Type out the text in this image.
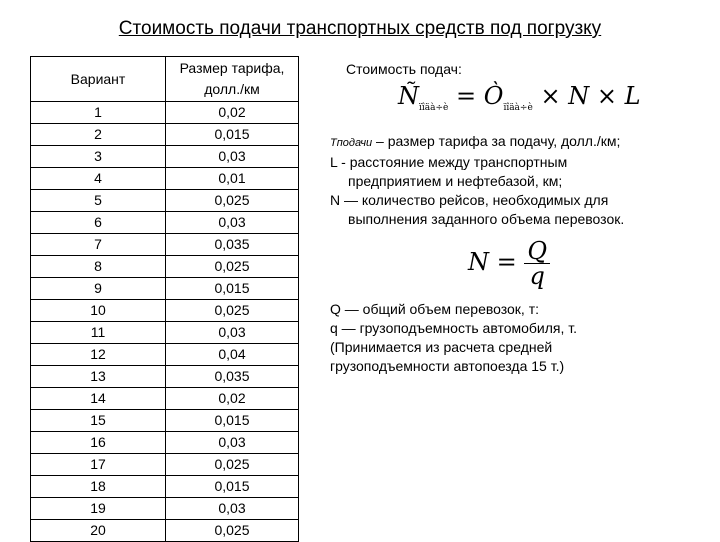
Стоимость подачи транспортных средств под погрузку
Вариант	Размер тарифа, долл./км
1	0,02
2	0,015
3	0,03
4	0,01
5	0,025
6	0,03
7	0,035
8	0,025
9	0,015
10	0,025
11	0,03
12	0,04
13	0,035
14	0,02
15	0,015
16	0,03
17	0,025
18	0,015
19	0,03
20	0,025
Стоимость подач:
$Ñ_{ïîäà\div è}$ = $Ò_{ïîäà\div è} \times N \times L$
Tподачи – размер тарифа за подачу, долл./км;
L - расстояние между транспортным
предприятием и нефтебазой, км;
N — количество рейсов, необходимых для
выполнения заданного объема перевозок.
$N = \frac{Q}{q}$
Q — общий объем перевозок, т:
q — грузоподъемность автомобиля, т.
(Принимается из расчета средней
грузоподъемности автопоезда 15 т.)
